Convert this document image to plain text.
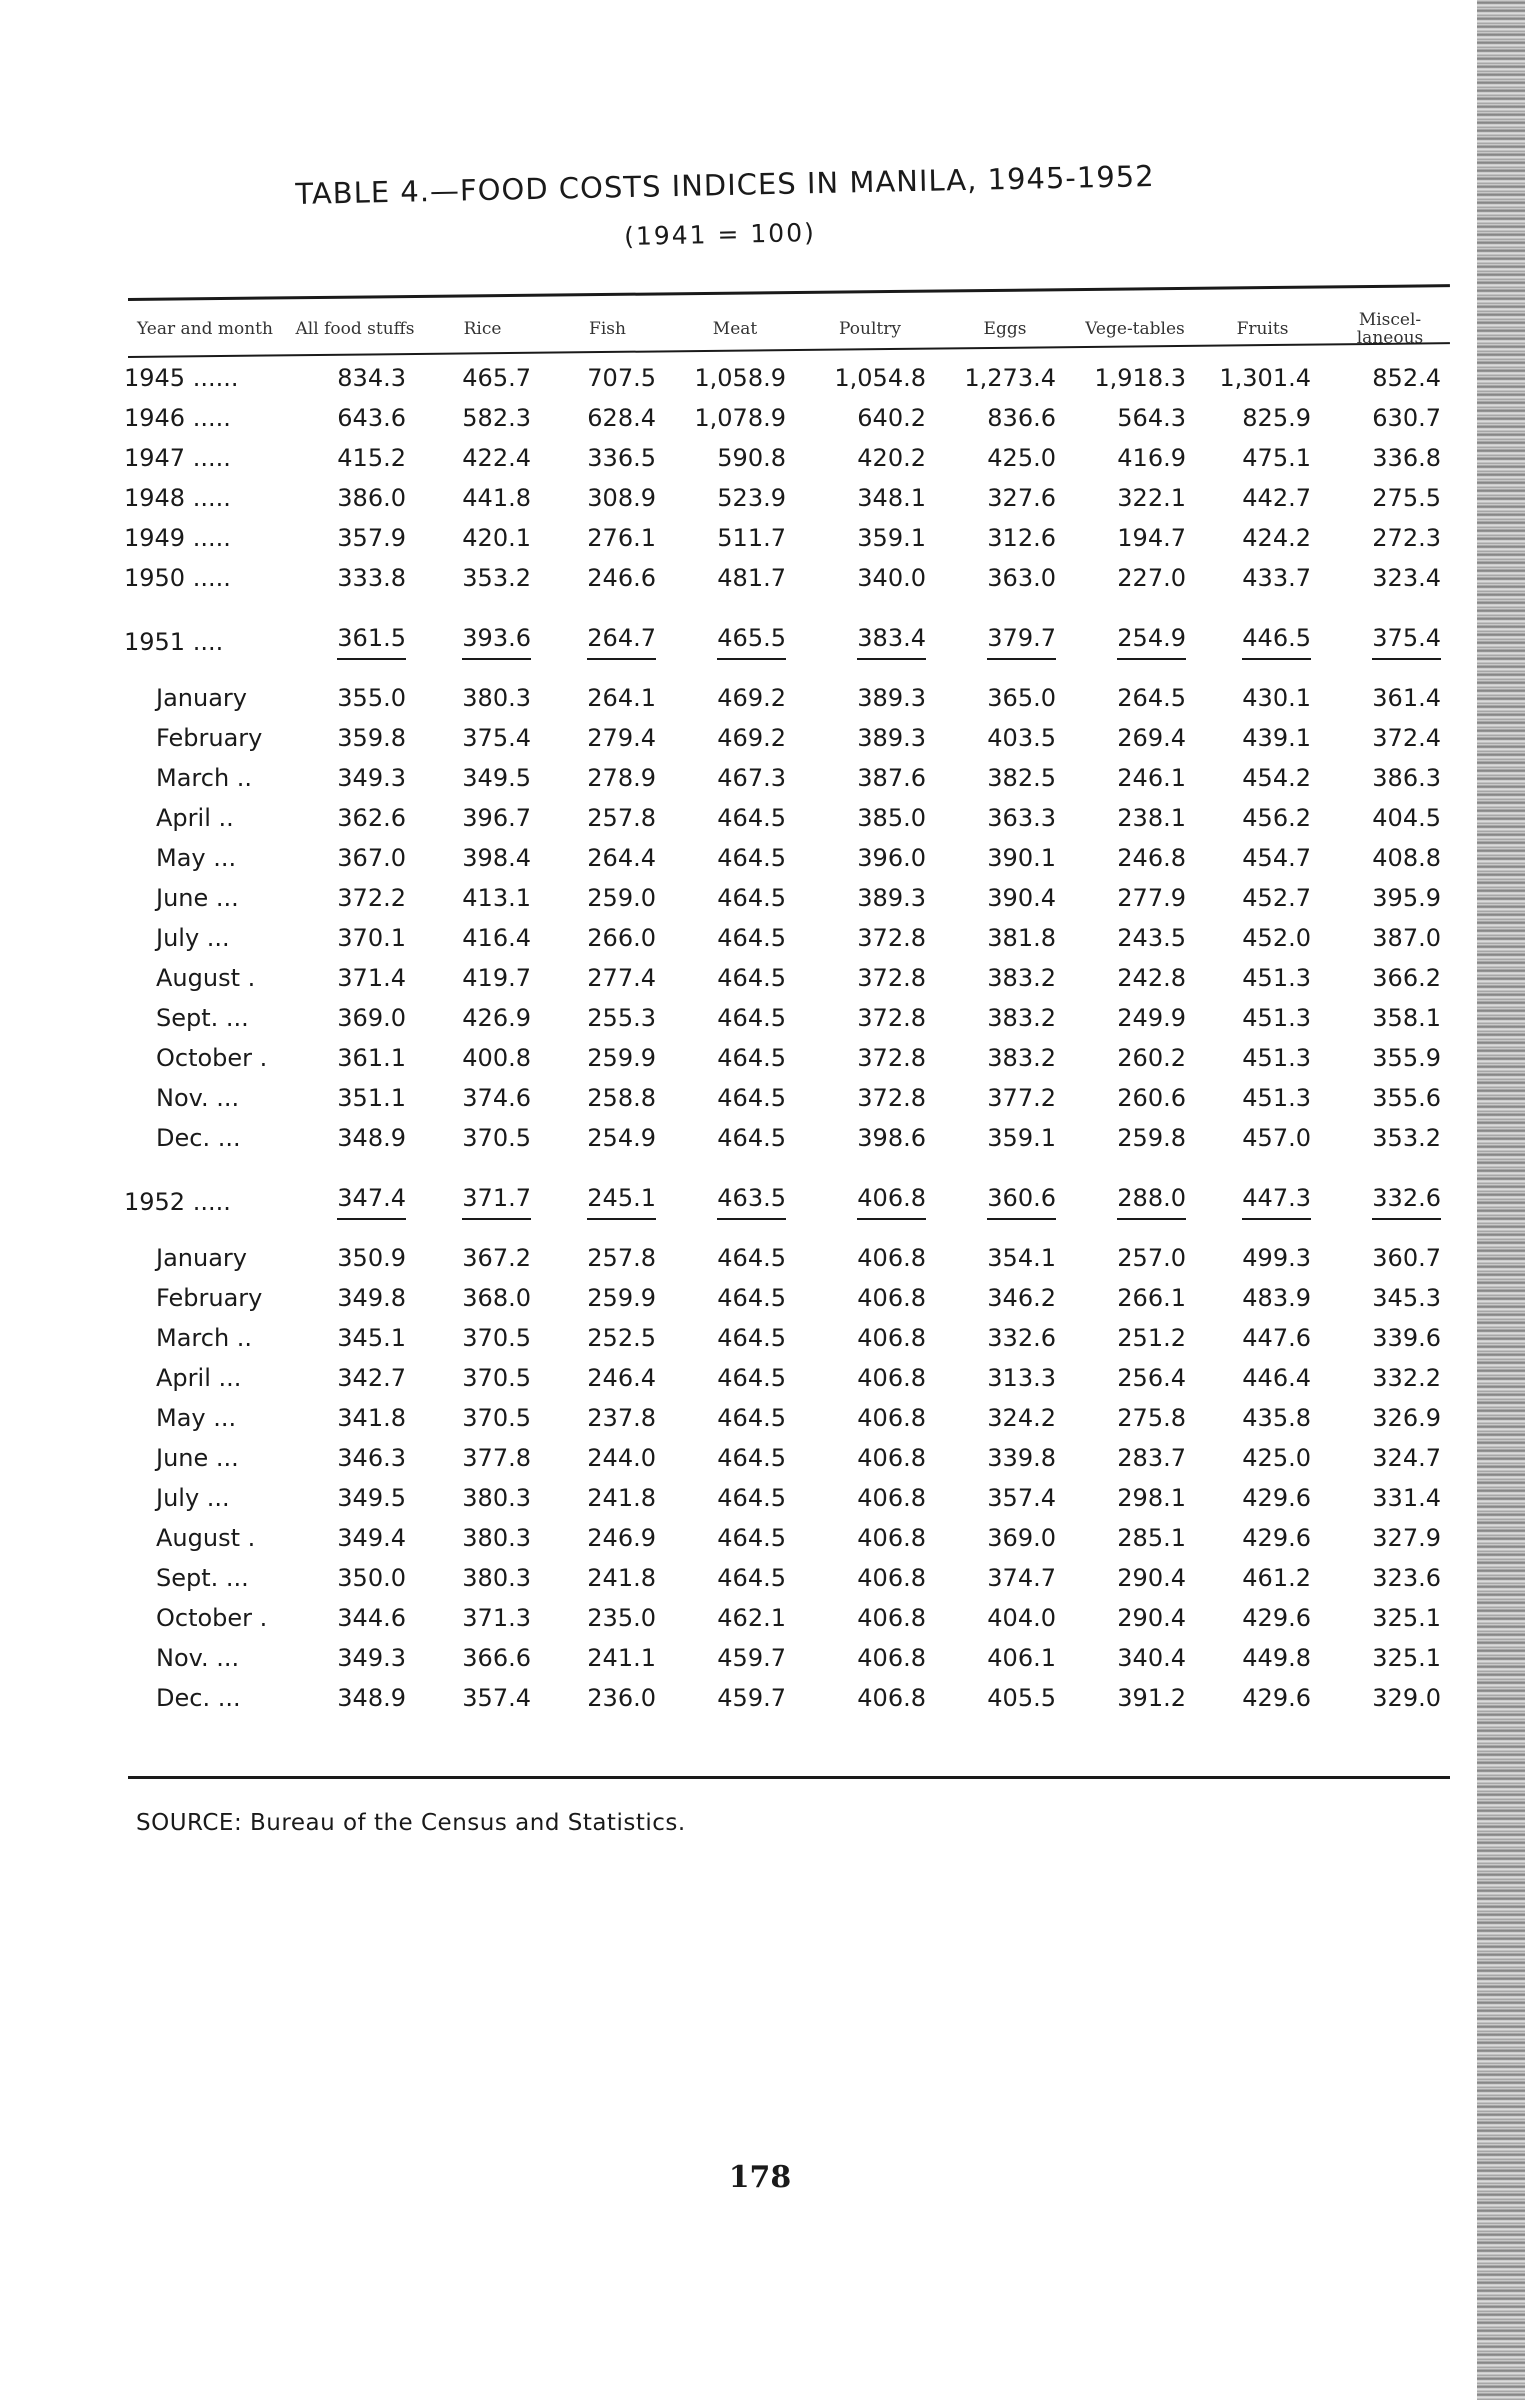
TABLE 4.—FOOD COSTS INDICES IN MANILA, 1945-1952
(1941 = 100)
Year and month	All food stuffs	Rice	Fish	Meat	Poultry	Eggs	Vege-tables	Fruits	Miscel-laneous
1945 ......	834.3	465.7	707.5	1,058.9	1,054.8	1,273.4	1,918.3	1,301.4	852.4
1946 .....	643.6	582.3	628.4	1,078.9	640.2	836.6	564.3	825.9	630.7
1947 .....	415.2	422.4	336.5	590.8	420.2	425.0	416.9	475.1	336.8
1948 .....	386.0	441.8	308.9	523.9	348.1	327.6	322.1	442.7	275.5
1949 .....	357.9	420.1	276.1	511.7	359.1	312.6	194.7	424.2	272.3
1950 .....	333.8	353.2	246.6	481.7	340.0	363.0	227.0	433.7	323.4

1951 ....	361.5	393.6	264.7	465.5	383.4	379.7	254.9	446.5	375.4
January	355.0	380.3	264.1	469.2	389.3	365.0	264.5	430.1	361.4
February	359.8	375.4	279.4	469.2	389.3	403.5	269.4	439.1	372.4
March ..	349.3	349.5	278.9	467.3	387.6	382.5	246.1	454.2	386.3
April ..	362.6	396.7	257.8	464.5	385.0	363.3	238.1	456.2	404.5
May ...	367.0	398.4	264.4	464.5	396.0	390.1	246.8	454.7	408.8
June ...	372.2	413.1	259.0	464.5	389.3	390.4	277.9	452.7	395.9
July ...	370.1	416.4	266.0	464.5	372.8	381.8	243.5	452.0	387.0
August .	371.4	419.7	277.4	464.5	372.8	383.2	242.8	451.3	366.2
Sept. ...	369.0	426.9	255.3	464.5	372.8	383.2	249.9	451.3	358.1
October .	361.1	400.8	259.9	464.5	372.8	383.2	260.2	451.3	355.9
Nov. ...	351.1	374.6	258.8	464.5	372.8	377.2	260.6	451.3	355.6
Dec. ...	348.9	370.5	254.9	464.5	398.6	359.1	259.8	457.0	353.2

1952 .....	347.4	371.7	245.1	463.5	406.8	360.6	288.0	447.3	332.6
January	350.9	367.2	257.8	464.5	406.8	354.1	257.0	499.3	360.7
February	349.8	368.0	259.9	464.5	406.8	346.2	266.1	483.9	345.3
March ..	345.1	370.5	252.5	464.5	406.8	332.6	251.2	447.6	339.6
April ...	342.7	370.5	246.4	464.5	406.8	313.3	256.4	446.4	332.2
May ...	341.8	370.5	237.8	464.5	406.8	324.2	275.8	435.8	326.9
June ...	346.3	377.8	244.0	464.5	406.8	339.8	283.7	425.0	324.7
July ...	349.5	380.3	241.8	464.5	406.8	357.4	298.1	429.6	331.4
August .	349.4	380.3	246.9	464.5	406.8	369.0	285.1	429.6	327.9
Sept. ...	350.0	380.3	241.8	464.5	406.8	374.7	290.4	461.2	323.6
October .	344.6	371.3	235.0	462.1	406.8	404.0	290.4	429.6	325.1
Nov. ...	349.3	366.6	241.1	459.7	406.8	406.1	340.4	449.8	325.1
Dec. ...	348.9	357.4	236.0	459.7	406.8	405.5	391.2	429.6	329.0
SOURCE: Bureau of the Census and Statistics.
178
